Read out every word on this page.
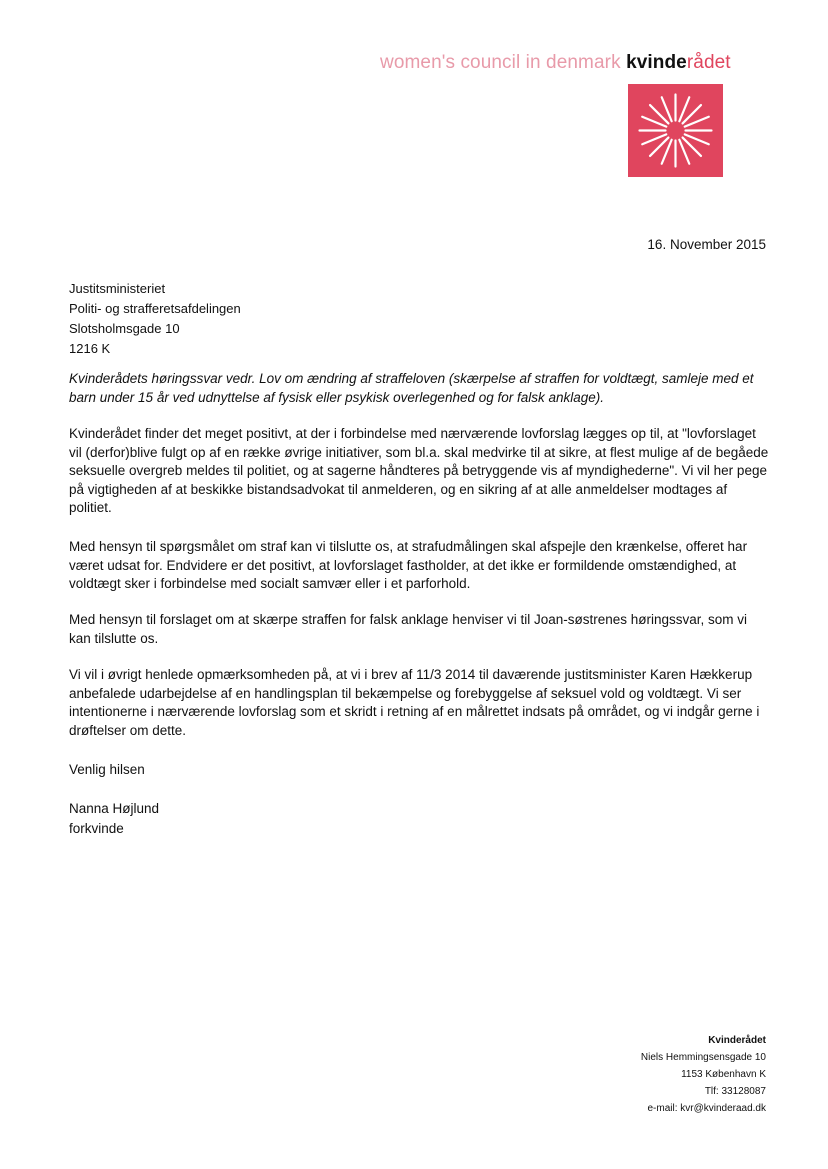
women's council in denmark kvinderådet
16. November 2015
Justitsministeriet
Politi- og strafferetsafdelingen
Slotsholmsgade 10
1216 K
Kvinderådets høringssvar vedr. Lov om ændring af straffeloven (skærpelse af straffen for voldtægt, samleje med et barn under 15 år ved udnyttelse af fysisk eller psykisk overlegenhed og for falsk anklage).
Kvinderådet finder det meget positivt, at der i forbindelse med nærværende lovforslag lægges op til, at "lovforslaget vil (derfor)blive fulgt op af en række øvrige initiativer, som bl.a. skal medvirke til at sikre, at flest mulige af de begåede seksuelle overgreb meldes til politiet, og at sagerne håndteres på betryggende vis af myndighederne". Vi vil her pege på vigtigheden af at beskikke bistandsadvokat til anmelderen, og en sikring af at alle anmeldelser modtages af politiet.
Med hensyn til spørgsmålet om straf kan vi tilslutte os, at strafudmålingen skal afspejle den krænkelse, offeret har været udsat for. Endvidere er det positivt, at lovforslaget fastholder, at det ikke er formildende omstændighed, at voldtægt sker i forbindelse med socialt samvær eller i et parforhold.
Med hensyn til forslaget om at skærpe straffen for falsk anklage henviser vi til Joan-søstrenes høringssvar, som vi kan tilslutte os.
Vi vil i øvrigt henlede opmærksomheden på, at vi i brev af 11/3 2014 til daværende justitsminister Karen Hækkerup anbefalede udarbejdelse af en handlingsplan til bekæmpelse og forebyggelse af seksuel vold og voldtægt. Vi ser intentionerne i nærværende lovforslag som et skridt i retning af en målrettet indsats på området, og vi indgår gerne i drøftelser om dette.
Venlig hilsen
Nanna Højlund
forkvinde
Kvinderådet
Niels Hemmingsensgade 10
1153 København K
Tlf: 33128087
e-mail: kvr@kvinderaad.dk
